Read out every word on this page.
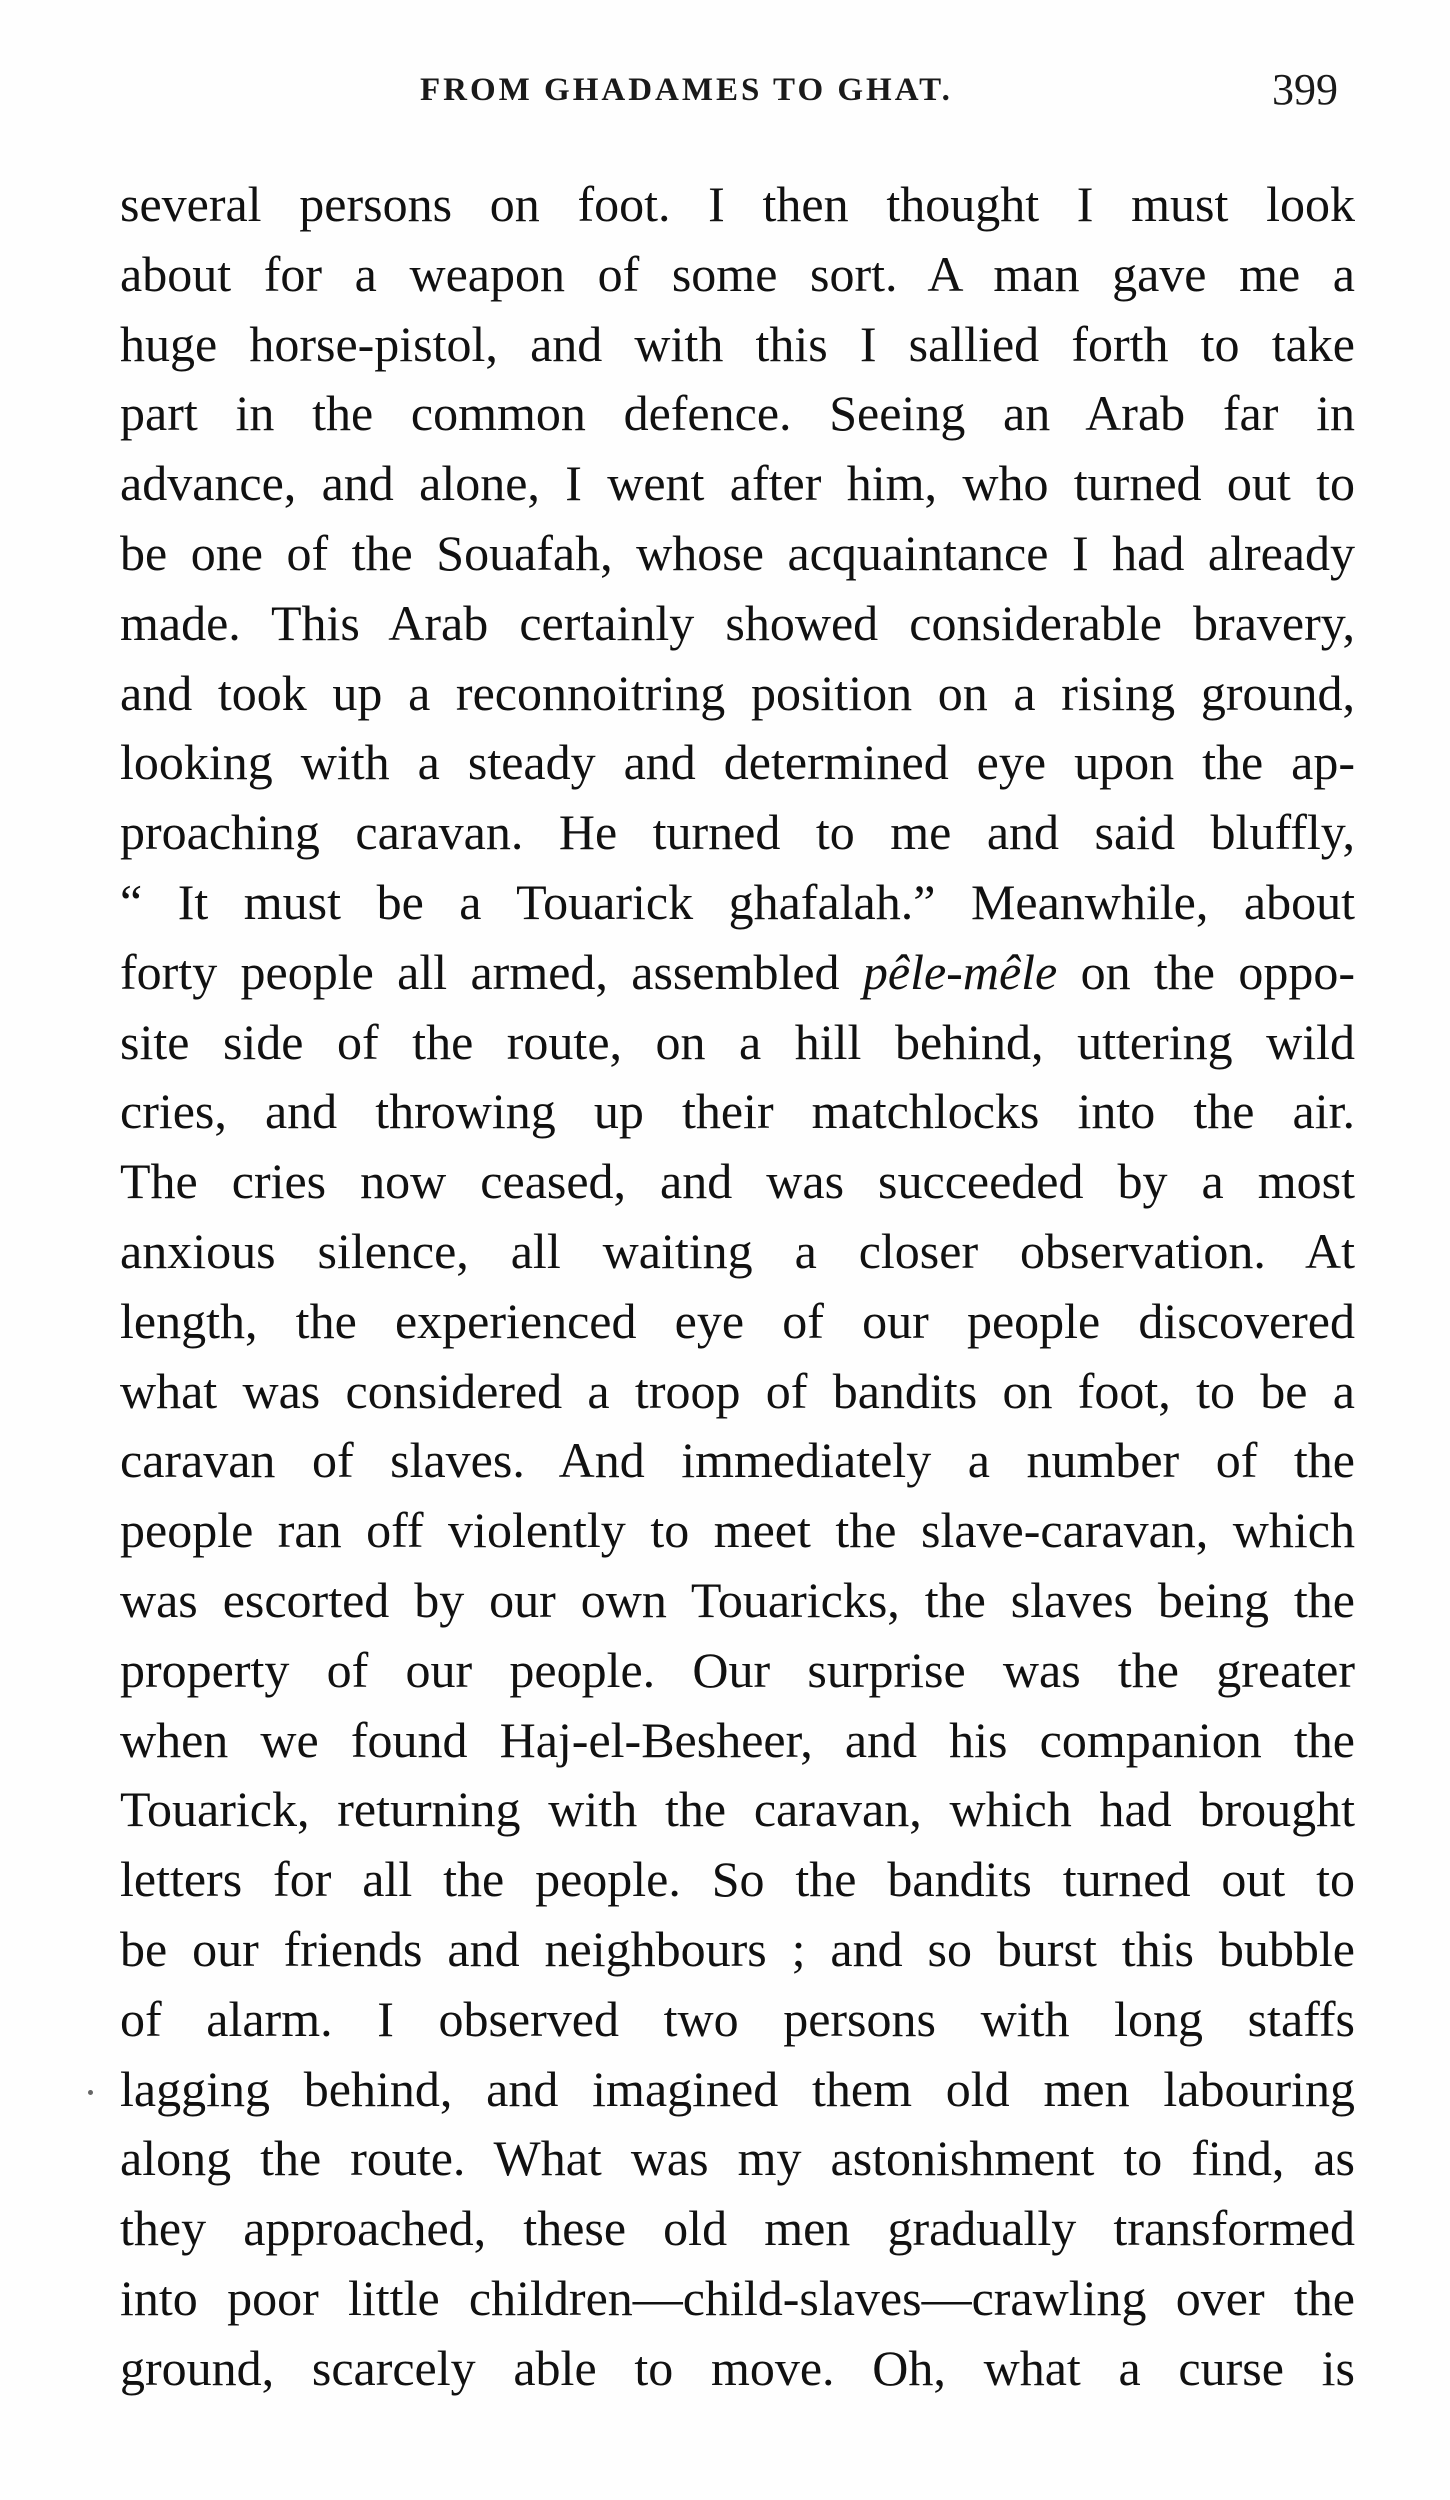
FROM GHADAMES TO GHAT.	399
several persons on foot. I then thought I must look
about for a weapon of some sort. A man gave me a
huge horse-pistol, and with this I sallied forth to take
part in the common defence. Seeing an Arab far in
advance, and alone, I went after him, who turned out to
be one of the Souafah, whose acquaintance I had already
made. This Arab certainly showed considerable bravery,
and took up a reconnoitring position on a rising ground,
looking with a steady and determined eye upon the ap-
proaching caravan. He turned to me and said bluffly,
“ It must be a Touarick ghafalah.” Meanwhile, about
forty people all armed, assembled pêle-mêle on the oppo-
site side of the route, on a hill behind, uttering wild
cries, and throwing up their matchlocks into the air.
The cries now ceased, and was succeeded by a most
anxious silence, all waiting a closer observation. At
length, the experienced eye of our people discovered
what was considered a troop of bandits on foot, to be a
caravan of slaves. And immediately a number of the
people ran off violently to meet the slave-caravan, which
was escorted by our own Touaricks, the slaves being the
property of our people. Our surprise was the greater
when we found Haj-el-Besheer, and his companion the
Touarick, returning with the caravan, which had brought
letters for all the people. So the bandits turned out to
be our friends and neighbours ; and so burst this bubble
of alarm. I observed two persons with long staffs
lagging behind, and imagined them old men labouring
along the route. What was my astonishment to find, as
they approached, these old men gradually transformed
into poor little children—child-slaves—crawling over the
ground, scarcely able to move. Oh, what a curse is
